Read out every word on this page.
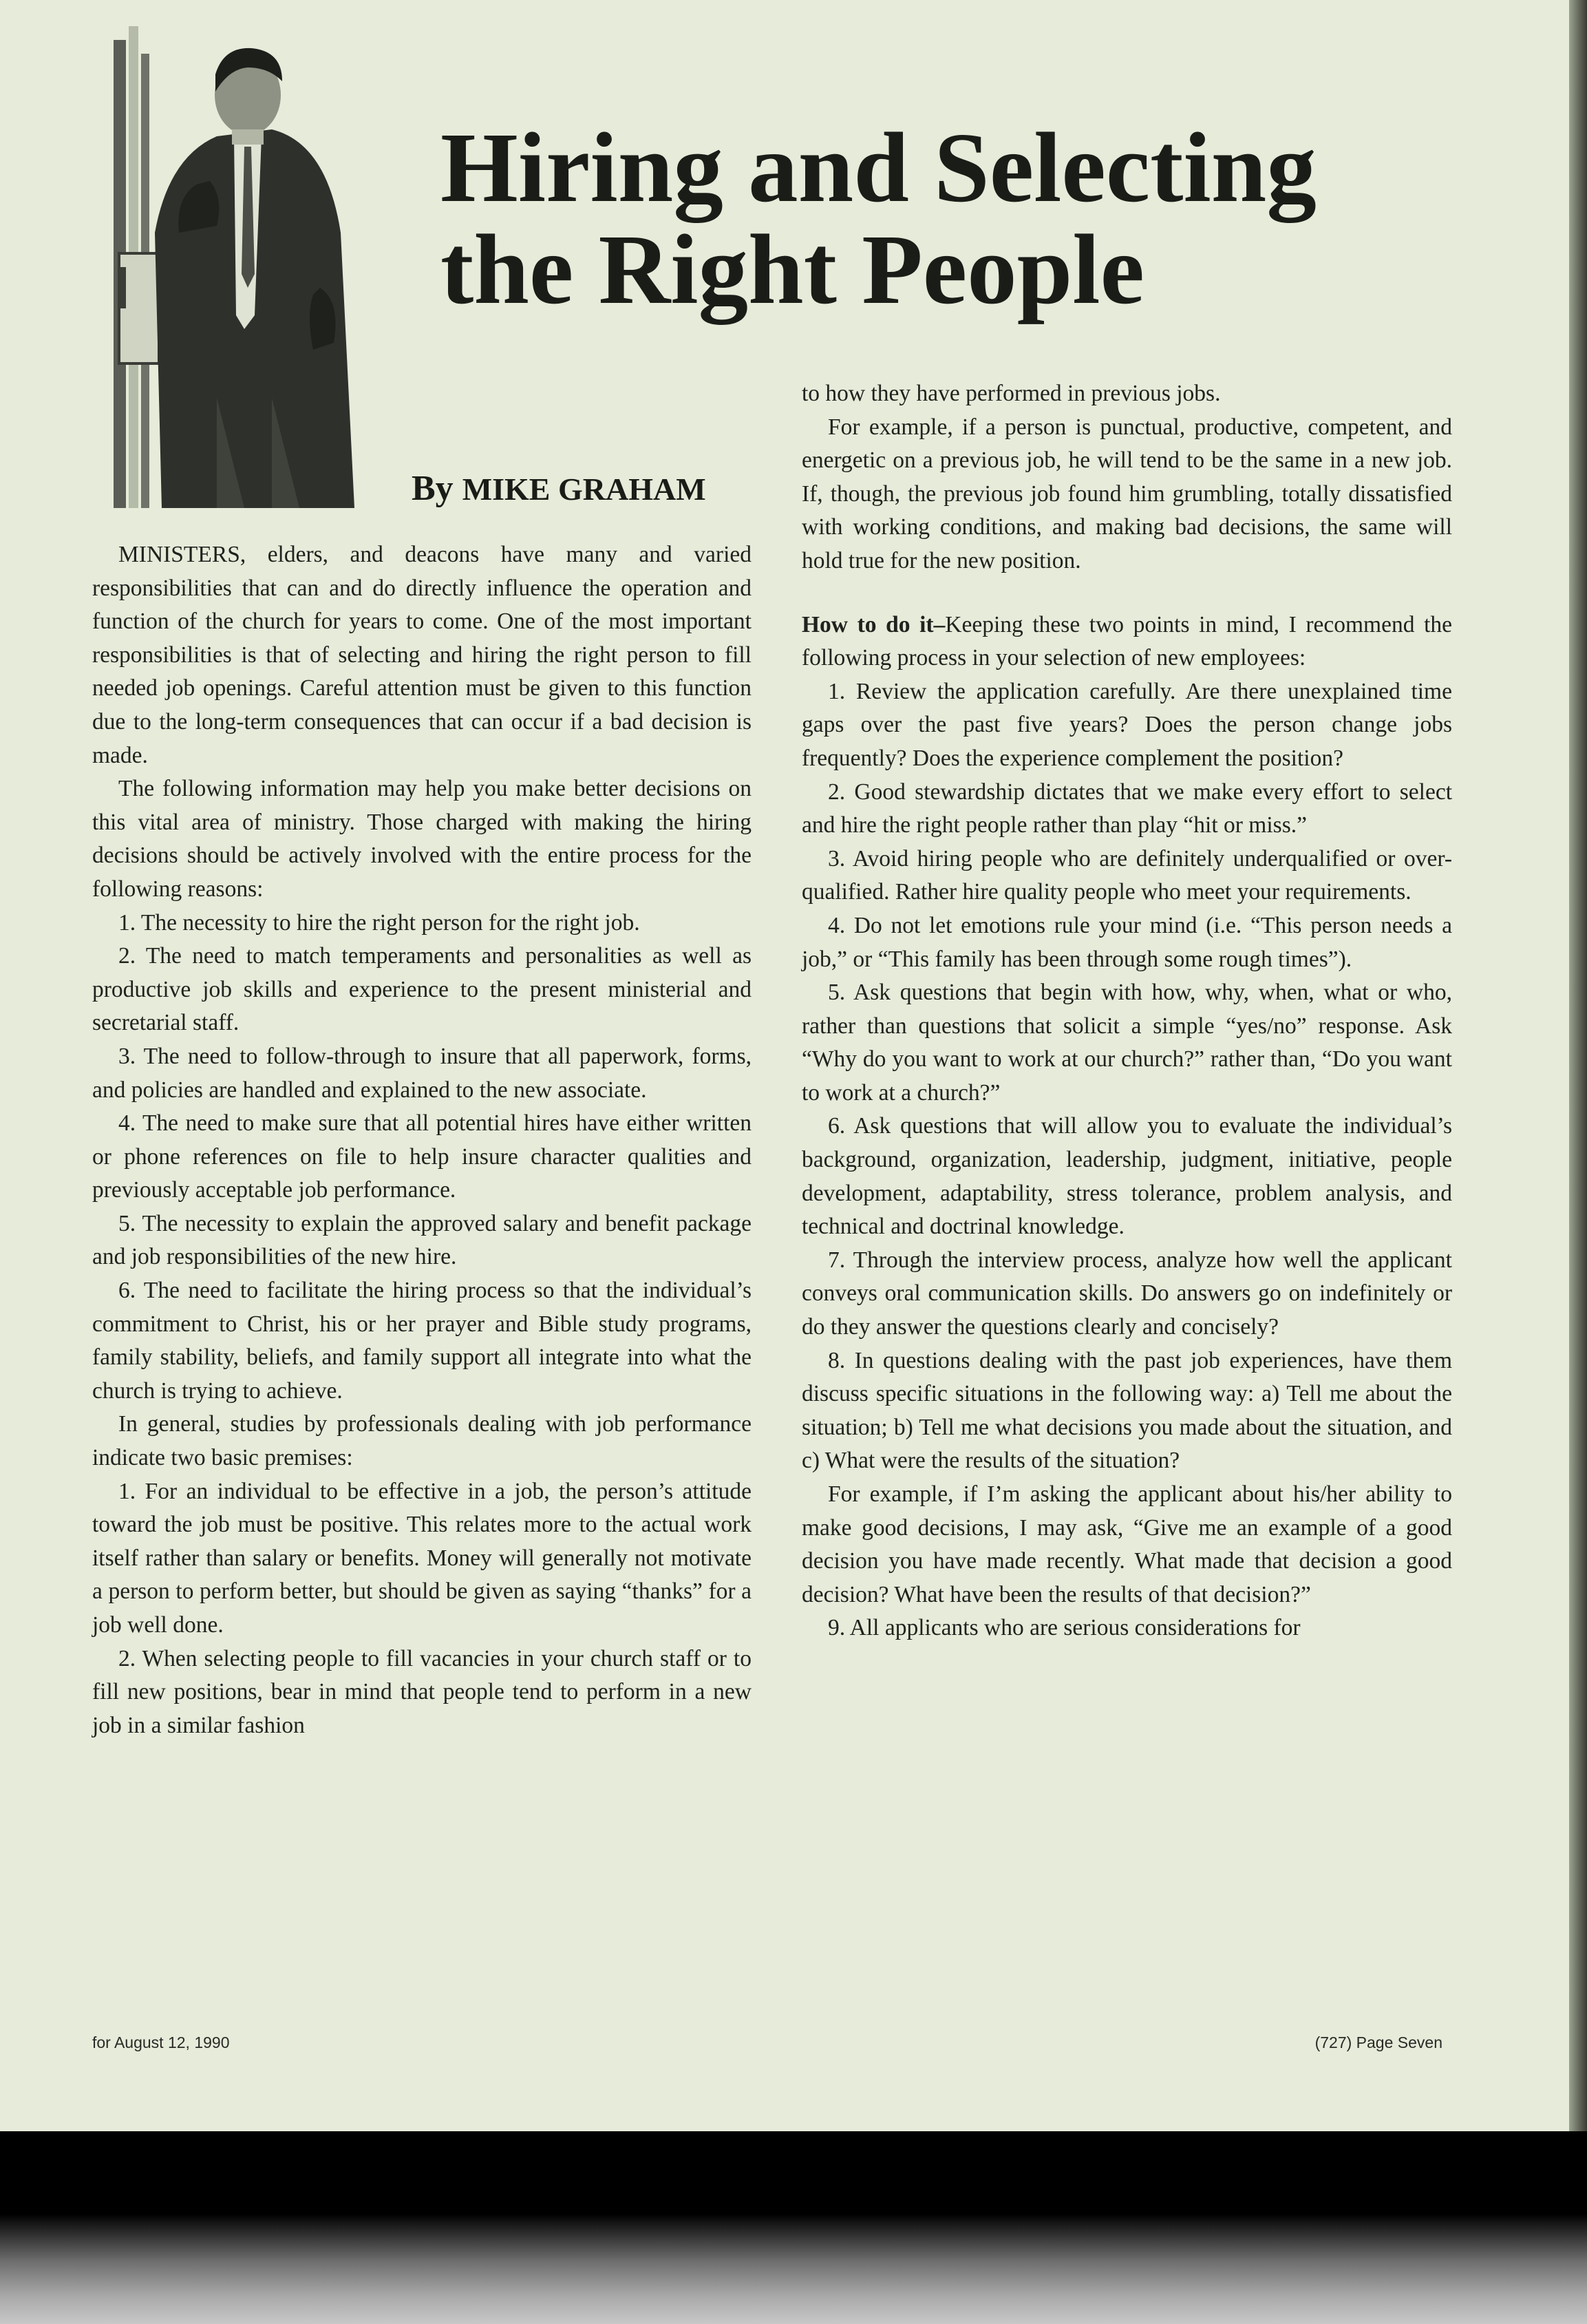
Hiring and Selecting
the Right People

By MIKE GRAHAM

MINISTERS, elders, and deacons have many and varied responsibilities that can and do directly influence the operation and function of the church for years to come. One of the most important responsibilities is that of selecting and hiring the right person to fill needed job openings. Careful attention must be given to this function due to the long-term consequences that can occur if a bad decision is made.

The following information may help you make better decisions on this vital area of ministry. Those charged with making the hiring decisions should be actively involved with the entire process for the following reasons:

1. The necessity to hire the right person for the right job.

2. The need to match temperaments and personalities as well as productive job skills and experience to the present ministerial and secretarial staff.

3. The need to follow-through to insure that all paperwork, forms, and policies are handled and explained to the new associate.

4. The need to make sure that all potential hires have either written or phone references on file to help insure character qualities and previously acceptable job performance.

5. The necessity to explain the approved salary and benefit package and job responsibilities of the new hire.

6. The need to facilitate the hiring process so that the individual’s commitment to Christ, his or her prayer and Bible study programs, family stability, beliefs, and family support all integrate into what the church is trying to achieve.

In general, studies by professionals dealing with job performance indicate two basic premises:

1. For an individual to be effective in a job, the person’s attitude toward the job must be positive. This relates more to the actual work itself rather than salary or benefits. Money will generally not motivate a person to perform better, but should be given as saying “thanks” for a job well done.

2. When selecting people to fill vacancies in your church staff or to fill new positions, bear in mind that people tend to perform in a new job in a similar fashion

to how they have performed in previous jobs.

For example, if a person is punctual, productive, competent, and energetic on a previous job, he will tend to be the same in a new job. If, though, the previous job found him grumbling, totally dissatisfied with working conditions, and making bad decisions, the same will hold true for the new position.

How to do it–Keeping these two points in mind, I recommend the following process in your selection of new employees:

1. Review the application carefully. Are there unexplained time gaps over the past five years? Does the person change jobs frequently? Does the experience complement the position?

2. Good stewardship dictates that we make every effort to select and hire the right people rather than play “hit or miss.”

3. Avoid hiring people who are definitely underqualified or over-qualified. Rather hire quality people who meet your requirements.

4. Do not let emotions rule your mind (i.e. “This person needs a job,” or “This family has been through some rough times”).

5. Ask questions that begin with how, why, when, what or who, rather than questions that solicit a simple “yes/no” response. Ask “Why do you want to work at our church?” rather than, “Do you want to work at a church?”

6. Ask questions that will allow you to evaluate the individual’s background, organization, leadership, judgment, initiative, people development, adaptability, stress tolerance, problem analysis, and technical and doctrinal knowledge.

7. Through the interview process, analyze how well the applicant conveys oral communication skills. Do answers go on indefinitely or do they answer the questions clearly and concisely?

8. In questions dealing with the past job experiences, have them discuss specific situations in the following way: a) Tell me about the situation; b) Tell me what decisions you made about the situation, and c) What were the results of the situation?

For example, if I’m asking the applicant about his/her ability to make good decisions, I may ask, “Give me an example of a good decision you have made recently. What made that decision a good decision? What have been the results of that decision?”

9. All applicants who are serious considerations for

for August 12, 1990	(727) Page Seven
